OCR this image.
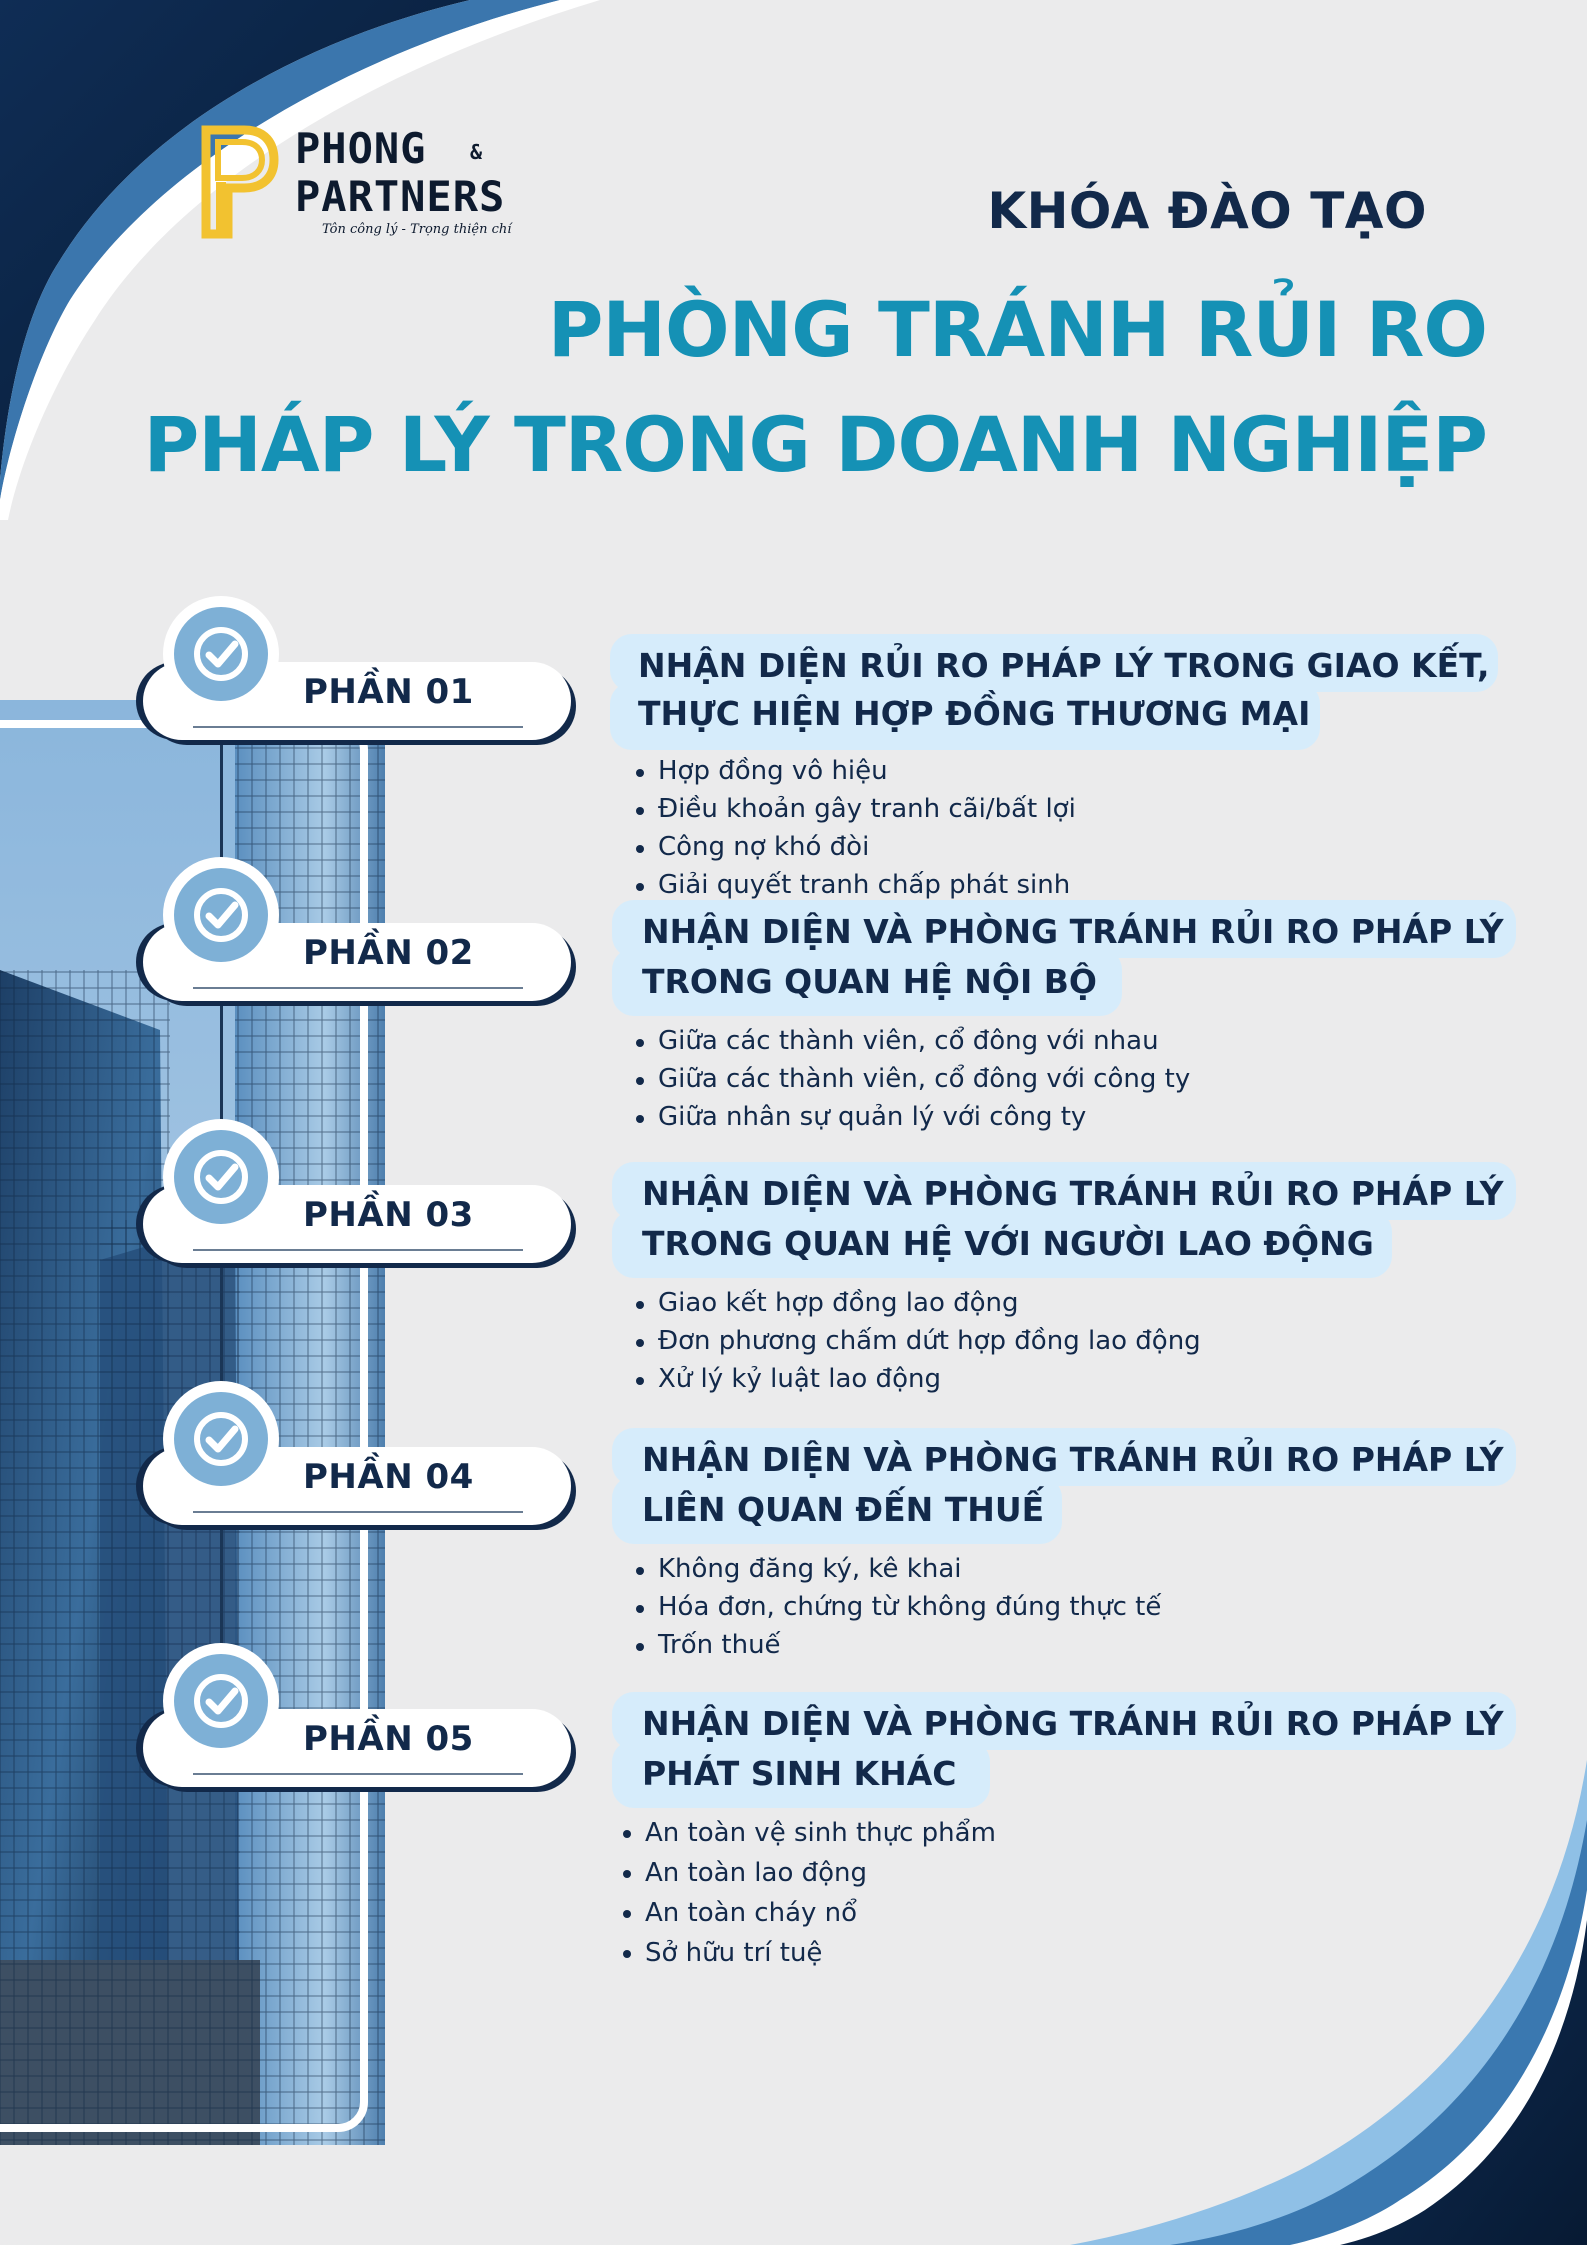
PHONG &
PARTNERS
Tôn công lý - Trọng thiện chí	KHÓA ĐÀO TẠO
PHÒNG TRÁNH RỦI RO
PHÁP LÝ TRONG DOANH NGHIỆP
PHẦN 01
NHẬN DIỆN RỦI RO PHÁP LÝ TRONG GIAO KẾT,
THỰC HIỆN HỢP ĐỒNG THƯƠNG MẠI
Hợp đồng vô hiệu
Điều khoản gây tranh cãi/bất lợi
Công nợ khó đòi
Giải quyết tranh chấp phát sinh
PHẦN 02
NHẬN DIỆN VÀ PHÒNG TRÁNH RỦI RO PHÁP LÝ
TRONG QUAN HỆ NỘI BỘ
Giữa các thành viên, cổ đông với nhau
Giữa các thành viên, cổ đông với công ty
Giữa nhân sự quản lý với công ty
PHẦN 03
NHẬN DIỆN VÀ PHÒNG TRÁNH RỦI RO PHÁP LÝ
TRONG QUAN HỆ VỚI NGƯỜI LAO ĐỘNG
Giao kết hợp đồng lao động
Đơn phương chấm dứt hợp đồng lao động
Xử lý kỷ luật lao động
PHẦN 04	NHẬN DIỆN VÀ PHÒNG TRÁNH RỦI RO PHÁP LÝ
LIÊN QUAN ĐẾN THUẾ
Không đăng ký, kê khai
Hóa đơn, chứng từ không đúng thực tế
Trốn thuế
PHẦN 05	NHẬN DIỆN VÀ PHÒNG TRÁNH RỦI RO PHÁP LÝ
PHÁT SINH KHÁC
An toàn vệ sinh thực phẩm
An toàn lao động
An toàn cháy nổ
Sở hữu trí tuệ
